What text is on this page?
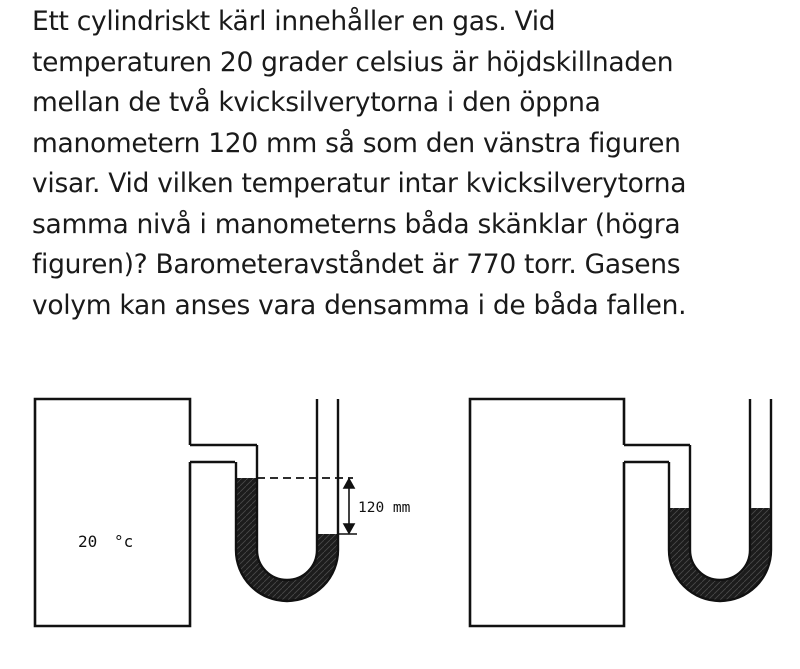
Ett cylindriskt kärl innehåller en gas. Vid
temperaturen 20 grader celsius är höjdskillnaden
mellan de två kvicksilverytorna i den öppna
manometern 120 mm så som den vänstra figuren
visar. Vid vilken temperatur intar kvicksilverytorna
samma nivå i manometerns båda skänklar (högra
figuren)? Barometeravståndet är 770 torr. Gasens
volym kan anses vara densamma i de båda fallen.
120 mm
20 °c
